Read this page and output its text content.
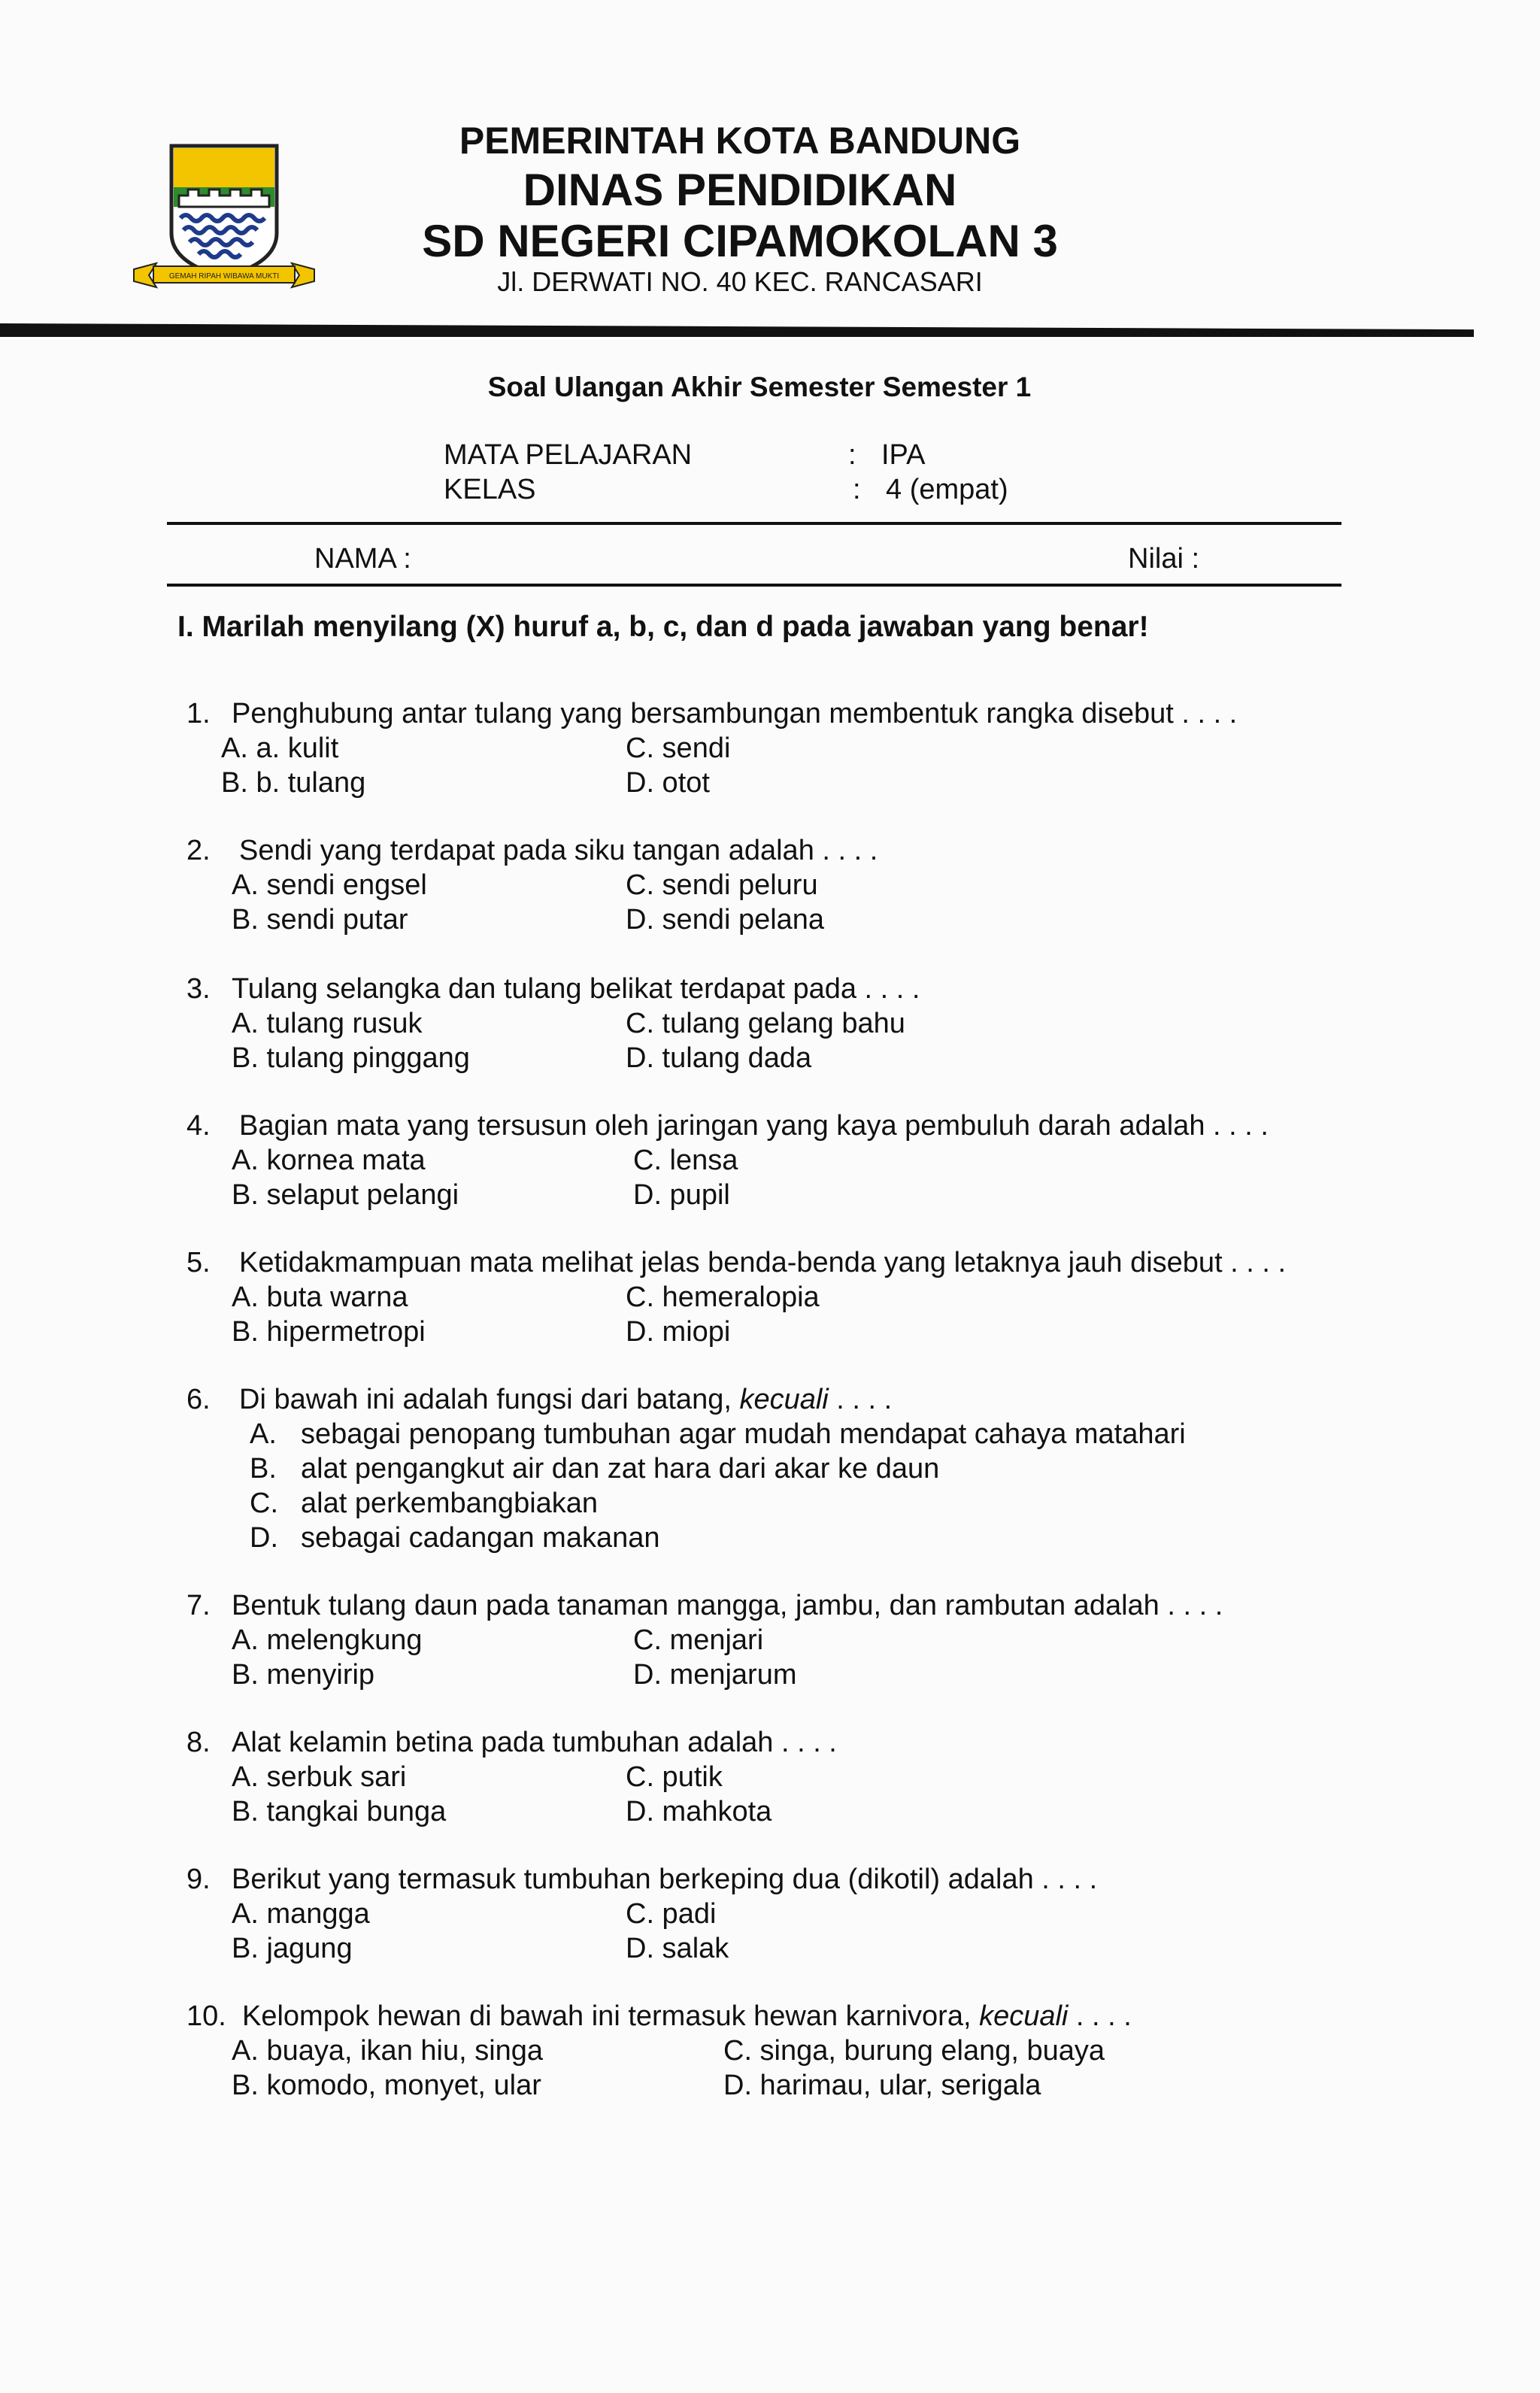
GEMAH RIPAH WIBAWA MUKTI
PEMERINTAH KOTA BANDUNG
DINAS PENDIDIKAN
SD NEGERI CIPAMOKOLAN 3
Jl. DERWATI NO. 40 KEC. RANCASARI
Soal Ulangan Akhir Semester Semester 1
MATA PELAJARAN	: IPA
KELAS	: 4 (empat)
NAMA :	Nilai :
I. Marilah menyilang (X) huruf a, b, c, dan d pada jawaban yang benar!
1. Penghubung antar tulang yang bersambungan membentuk rangka disebut . . . .
A. a. kulit	C. sendi
B. b. tulang	D. otot
2. Sendi yang terdapat pada siku tangan adalah . . . .
A. sendi engsel	C. sendi peluru
B. sendi putar	D. sendi pelana
3. Tulang selangka dan tulang belikat terdapat pada . . . .
A. tulang rusuk	C. tulang gelang bahu
B. tulang pinggang	D. tulang dada
4. Bagian mata yang tersusun oleh jaringan yang kaya pembuluh darah adalah . . . .
A. kornea mata	C. lensa
B. selaput pelangi	D. pupil
5. Ketidakmampuan mata melihat jelas benda-benda yang letaknya jauh disebut . . . .
A. buta warna	C. hemeralopia
B. hipermetropi	D. miopi
6. Di bawah ini adalah fungsi dari batang, kecuali . . . .
A. sebagai penopang tumbuhan agar mudah mendapat cahaya matahari
B. alat pengangkut air dan zat hara dari akar ke daun
C. alat perkembangbiakan
D. sebagai cadangan makanan
7. Bentuk tulang daun pada tanaman mangga, jambu, dan rambutan adalah . . . .
A. melengkung	C. menjari
B. menyirip	D. menjarum
8. Alat kelamin betina pada tumbuhan adalah . . . .
A. serbuk sari	C. putik
B. tangkai bunga	D. mahkota
9. Berikut yang termasuk tumbuhan berkeping dua (dikotil) adalah . . . .
A. mangga	C. padi
B. jagung	D. salak
10. Kelompok hewan di bawah ini termasuk hewan karnivora, kecuali . . . .
A. buaya, ikan hiu, singa	C. singa, burung elang, buaya
B. komodo, monyet, ular	D. harimau, ular, serigala
